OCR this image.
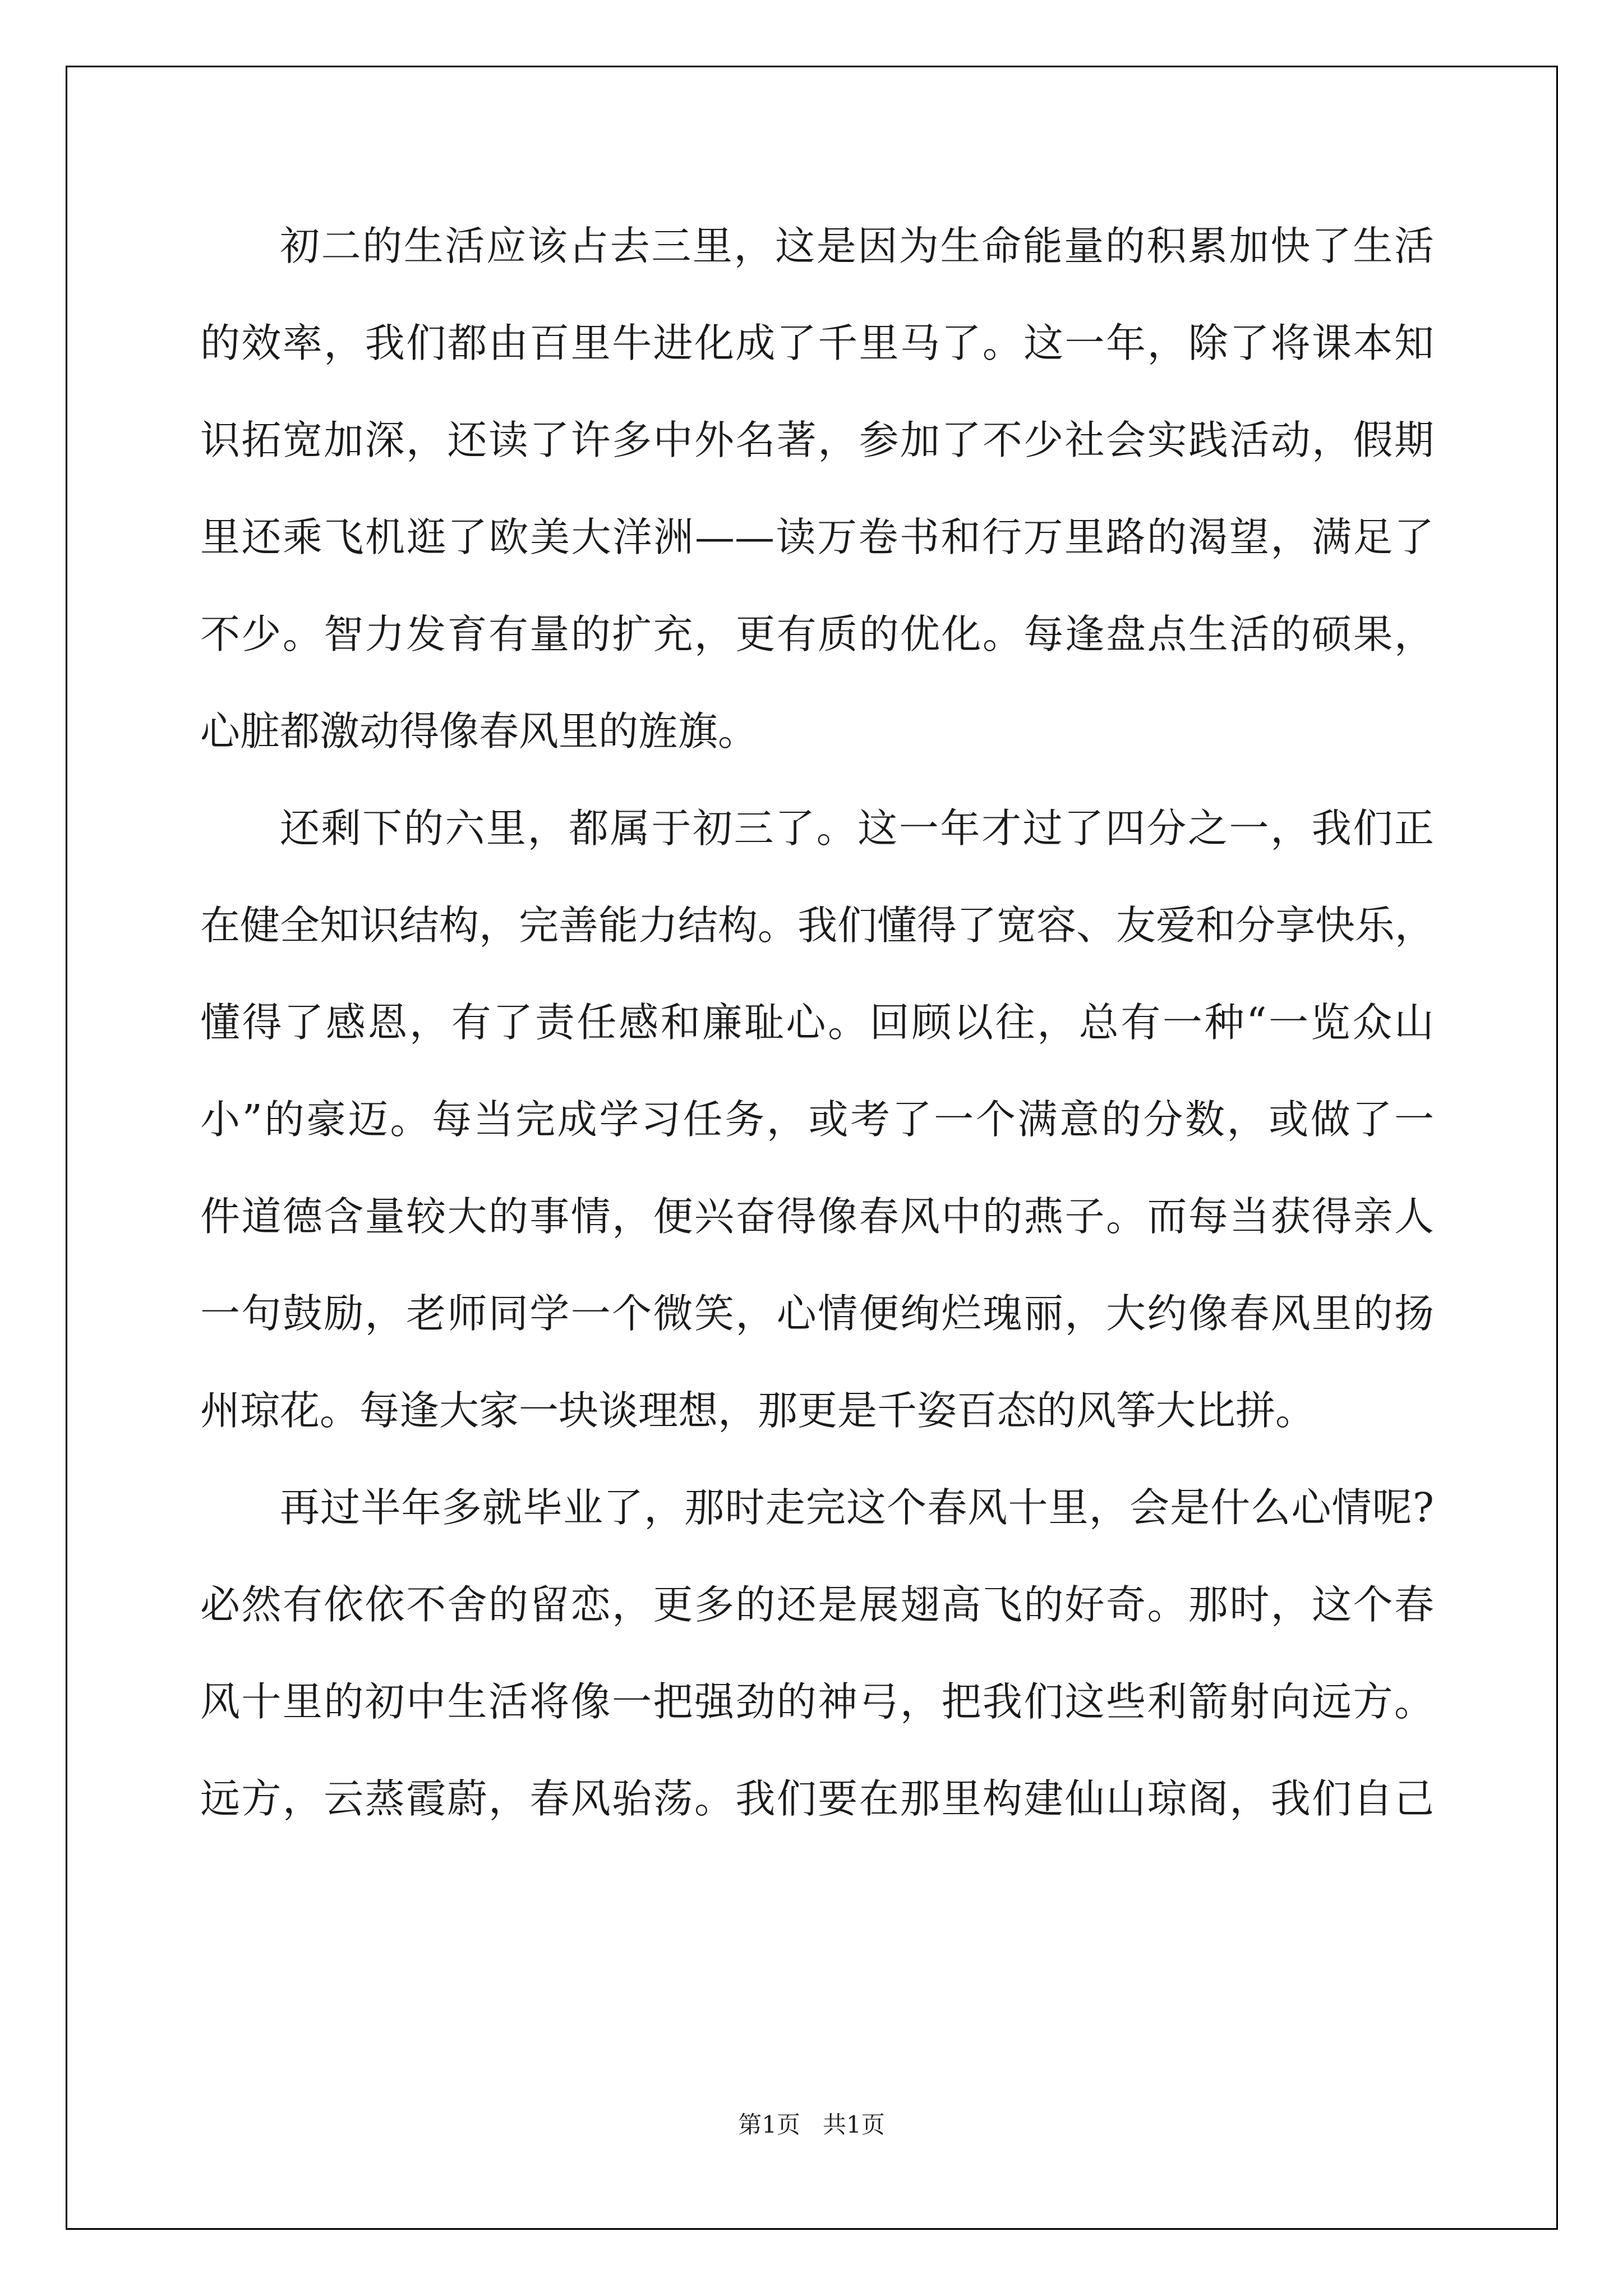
初二的生活应该占去三里，这是因为生命能量的积累加快了生活
的效率，我们都由百里牛进化成了千里马了。这一年，除了将课本知
识拓宽加深，还读了许多中外名著，参加了不少社会实践活动，假期
里还乘飞机逛了欧美大洋洲——读万卷书和行万里路的渴望，满足了
不少。智力发育有量的扩充，更有质的优化。每逢盘点生活的硕果，
心脏都激动得像春风里的旌旗。
还剩下的六里，都属于初三了。这一年才过了四分之一，我们正
在健全知识结构，完善能力结构。我们懂得了宽容、友爱和分享快乐，
懂得了感恩，有了责任感和廉耻心。回顾以往，总有一种“一览众山
小”的豪迈。每当完成学习任务，或考了一个满意的分数，或做了一
件道德含量较大的事情，便兴奋得像春风中的燕子。而每当获得亲人
一句鼓励，老师同学一个微笑，心情便绚烂瑰丽，大约像春风里的扬
州琼花。每逢大家一块谈理想，那更是千姿百态的风筝大比拼。
再过半年多就毕业了，那时走完这个春风十里，会是什么心情呢?
必然有依依不舍的留恋，更多的还是展翅高飞的好奇。那时，这个春
风十里的初中生活将像一把强劲的神弓，把我们这些利箭射向远方。
远方，云蒸霞蔚，春风骀荡。我们要在那里构建仙山琼阁，我们自己
第1页 共1页
